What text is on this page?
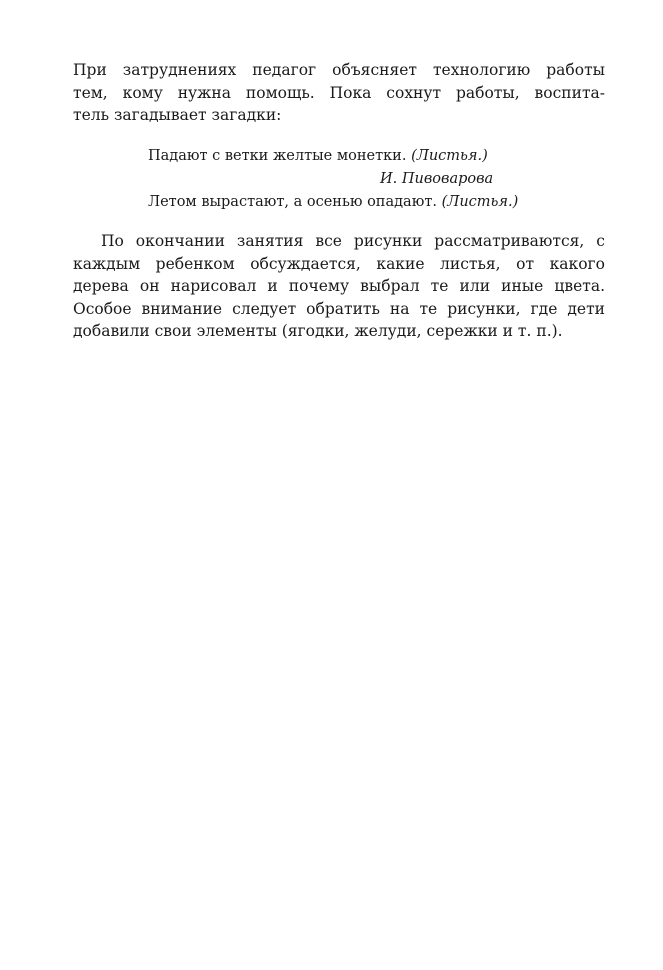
При затруднениях педагог объясняет технологию работы
тем, кому нужна помощь. Пока сохнут работы, воспита-
тель загадывает загадки:

Падают с ветки желтые монетки. (Листья.)
И. Пивоварова
Летом вырастают, а осенью опадают. (Листья.)

По окончании занятия все рисунки рассматриваются, с
каждым ребенком обсуждается, какие листья, от какого
дерева он нарисовал и почему выбрал те или иные цвета.
Особое внимание следует обратить на те рисунки, где дети
добавили свои элементы (ягодки, желуди, сережки и т. п.).
